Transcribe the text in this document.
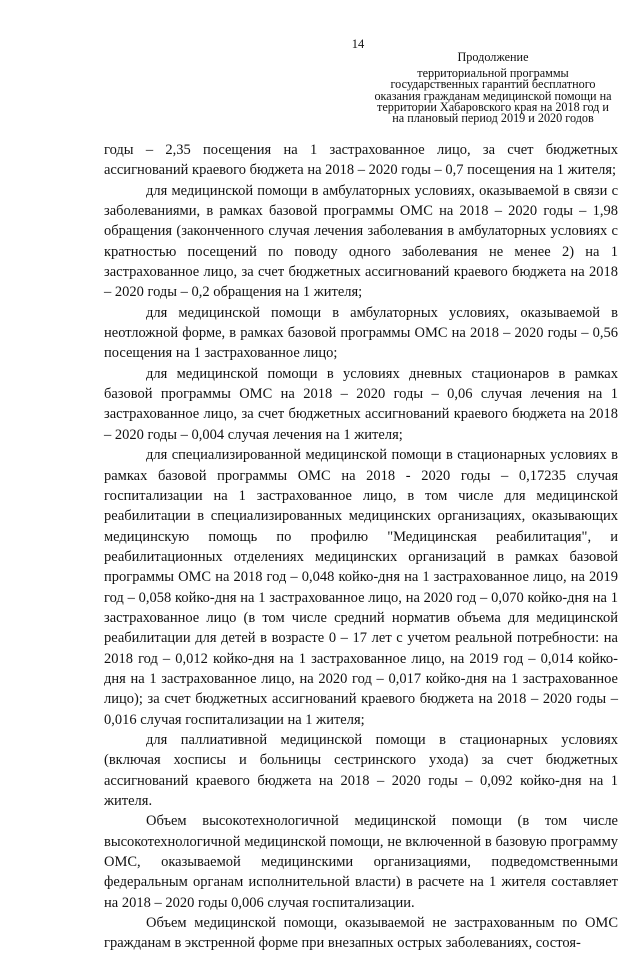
14
Продолжение
территориальной программы государственных гарантий бесплатного оказания гражданам медицинской помощи на территории Хабаровского края на 2018 год и на плановый период 2019 и 2020 годов

годы – 2,35 посещения на 1 застрахованное лицо, за счет бюджетных ассигнований краевого бюджета на 2018 – 2020 годы – 0,7 посещения на 1 жителя;

для медицинской помощи в амбулаторных условиях, оказываемой в связи с заболеваниями, в рамках базовой программы ОМС на 2018 – 2020 годы – 1,98 обращения (законченного случая лечения заболевания в амбулаторных условиях с кратностью посещений по поводу одного заболевания не менее 2) на 1 застрахованное лицо, за счет бюджетных ассигнований краевого бюджета на 2018 – 2020 годы – 0,2 обращения на 1 жителя;

для медицинской помощи в амбулаторных условиях, оказываемой в неотложной форме, в рамках базовой программы ОМС на 2018 – 2020 годы – 0,56 посещения на 1 застрахованное лицо;

для медицинской помощи в условиях дневных стационаров в рамках базовой программы ОМС на 2018 – 2020 годы – 0,06 случая лечения на 1 застрахованное лицо, за счет бюджетных ассигнований краевого бюджета на 2018 – 2020 годы – 0,004 случая лечения на 1 жителя;

для специализированной медицинской помощи в стационарных условиях в рамках базовой программы ОМС на 2018 - 2020 годы – 0,17235 случая госпитализации на 1 застрахованное лицо, в том числе для медицинской реабилитации в специализированных медицинских организациях, оказывающих медицинскую помощь по профилю "Медицинская реабилитация", и реабилитационных отделениях медицинских организаций в рамках базовой программы ОМС на 2018 год – 0,048 койко-дня на 1 застрахованное лицо, на 2019 год – 0,058 койко-дня на 1 застрахованное лицо, на 2020 год – 0,070 койко-дня на 1 застрахованное лицо (в том числе средний норматив объема для медицинской реабилитации для детей в возрасте 0 – 17 лет с учетом реальной потребности: на 2018 год – 0,012 койко-дня на 1 застрахованное лицо, на 2019 год – 0,014 койко-дня на 1 застрахованное лицо, на 2020 год – 0,017 койко-дня на 1 застрахованное лицо); за счет бюджетных ассигнований краевого бюджета на 2018 – 2020 годы – 0,016 случая госпитализации на 1 жителя;

для паллиативной медицинской помощи в стационарных условиях (включая хосписы и больницы сестринского ухода) за счет бюджетных ассигнований краевого бюджета на 2018 – 2020 годы – 0,092 койко-дня на 1 жителя.

Объем высокотехнологичной медицинской помощи (в том числе высокотехнологичной медицинской помощи, не включенной в базовую программу ОМС, оказываемой медицинскими организациями, подведомственными федеральным органам исполнительной власти) в расчете на 1 жителя составляет на 2018 – 2020 годы 0,006 случая госпитализации.

Объем медицинской помощи, оказываемой не застрахованным по ОМС гражданам в экстренной форме при внезапных острых заболеваниях, состоя-
